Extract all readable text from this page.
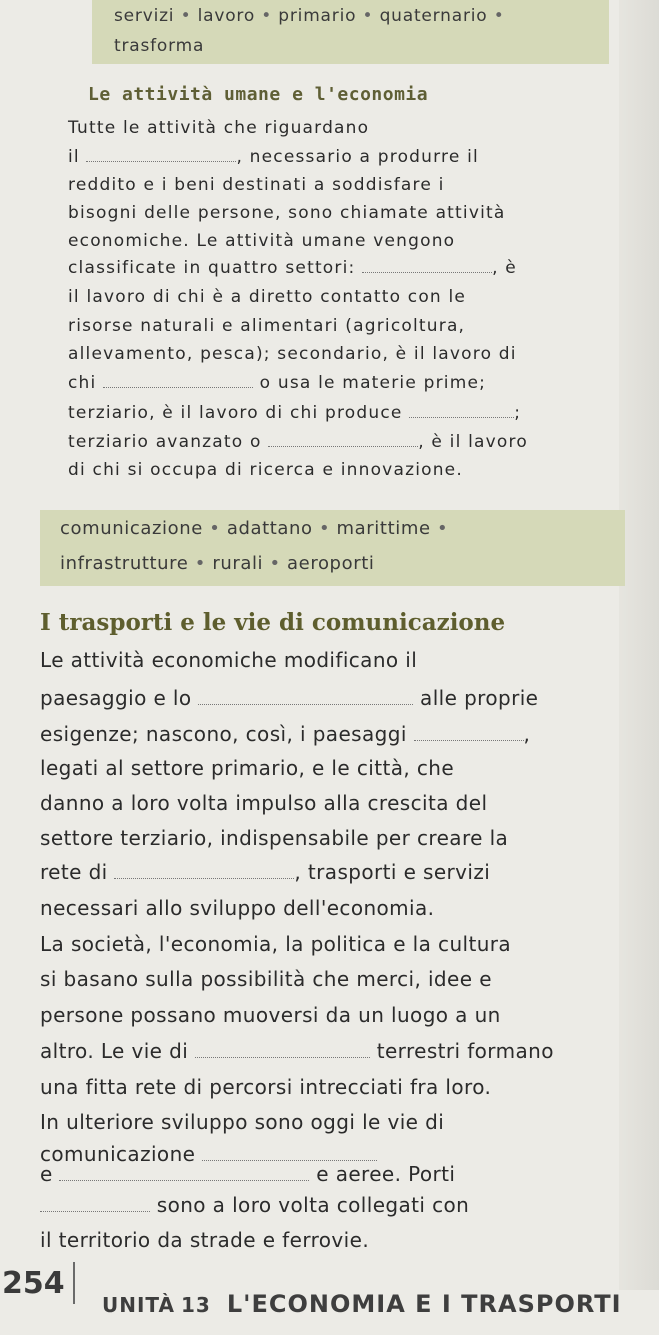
servizi • lavoro • primario • quaternario •
trasforma
Le attività umane e l'economia
Tutte le attività che riguardano
il	, necessario a produrre il
reddito e i beni destinati a soddisfare i
bisogni delle persone, sono chiamate attività
economiche. Le attività umane vengono
classificate in quattro settori:	, è
il lavoro di chi è a diretto contatto con le
risorse naturali e alimentari (agricoltura,
allevamento, pesca); secondario, è il lavoro di
chi	o usa le materie prime;
terziario, è il lavoro di chi produce	;
terziario avanzato o	, è il lavoro
di chi si occupa di ricerca e innovazione.
comunicazione • adattano • marittime •
infrastrutture • rurali • aeroporti
I trasporti e le vie di comunicazione
Le attività economiche modificano il
paesaggio e lo	alle proprie
esigenze; nascono, così, i paesaggi	,
legati al settore primario, e le città, che
danno a loro volta impulso alla crescita del
settore terziario, indispensabile per creare la
rete di	, trasporti e servizi
necessari allo sviluppo dell'economia.
La società, l'economia, la politica e la cultura
si basano sulla possibilità che merci, idee e
persone possano muoversi da un luogo a un
altro. Le vie di	terrestri formano
una fitta rete di percorsi intrecciati fra loro.
In ulteriore sviluppo sono oggi le vie di
comunicazione
e	e aeree. Porti
sono a loro volta collegati con
il territorio da strade e ferrovie.
254
UNITÀ 13 L'ECONOMIA E I TRASPORTI
